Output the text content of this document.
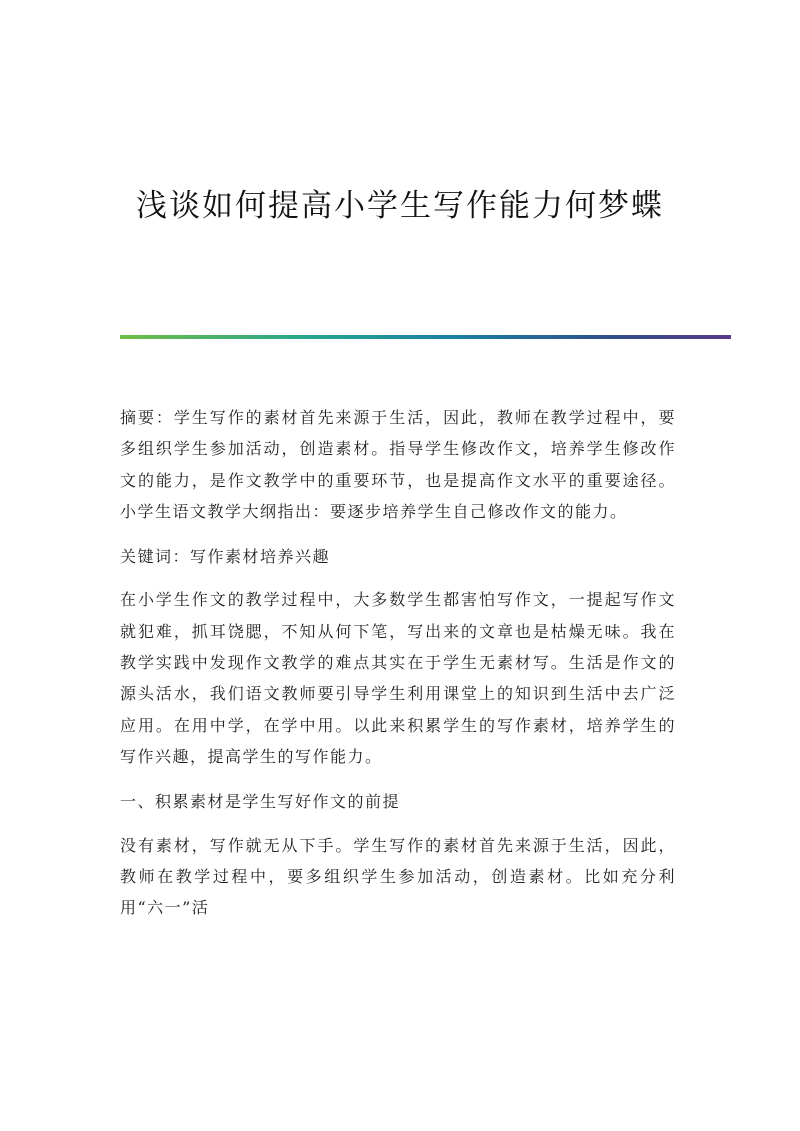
浅谈如何提高小学生写作能力何梦蝶

摘要：学生写作的素材首先来源于生活，因此，教师在教学过程中，要多组织学生参加活动，创造素材。指导学生修改作文，培养学生修改作文的能力，是作文教学中的重要环节，也是提高作文水平的重要途径。小学生语文教学大纲指出：要逐步培养学生自己修改作文的能力。

关键词：写作素材培养兴趣

在小学生作文的教学过程中，大多数学生都害怕写作文，一提起写作文就犯难，抓耳饶腮，不知从何下笔，写出来的文章也是枯燥无味。我在教学实践中发现作文教学的难点其实在于学生无素材写。生活是作文的源头活水，我们语文教师要引导学生利用课堂上的知识到生活中去广泛应用。在用中学，在学中用。以此来积累学生的写作素材，培养学生的写作兴趣，提高学生的写作能力。

一、积累素材是学生写好作文的前提

没有素材，写作就无从下手。学生写作的素材首先来源于生活，因此，教师在教学过程中，要多组织学生参加活动，创造素材。比如充分利用“六一”活
